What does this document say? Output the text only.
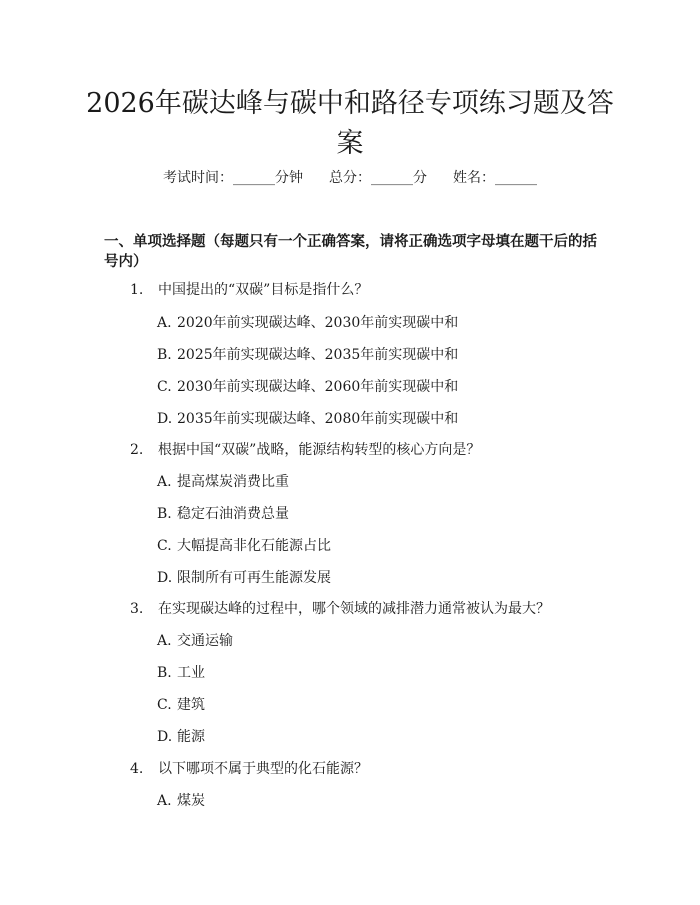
2026年碳达峰与碳中和路径专项练习题及答案
考试时间：______分钟 总分：______分 姓名：______
一、单项选择题（每题只有一个正确答案，请将正确选项字母填在题干后的括号内）
1. 中国提出的“双碳”目标是指什么？
A. 2020年前实现碳达峰、2030年前实现碳中和
B. 2025年前实现碳达峰、2035年前实现碳中和
C. 2030年前实现碳达峰、2060年前实现碳中和
D. 2035年前实现碳达峰、2080年前实现碳中和
2. 根据中国“双碳”战略，能源结构转型的核心方向是？
A. 提高煤炭消费比重
B. 稳定石油消费总量
C. 大幅提高非化石能源占比
D. 限制所有可再生能源发展
3. 在实现碳达峰的过程中，哪个领域的减排潜力通常被认为最大？
A. 交通运输
B. 工业
C. 建筑
D. 能源
4. 以下哪项不属于典型的化石能源？
A. 煤炭
